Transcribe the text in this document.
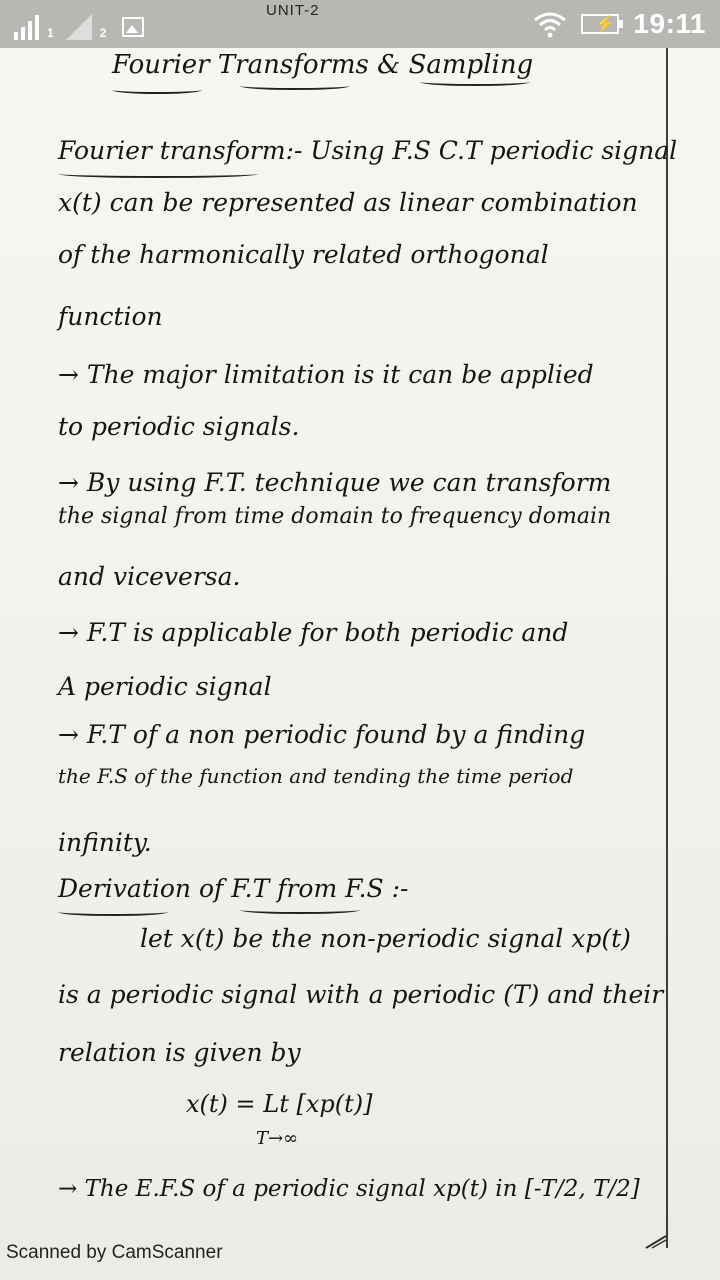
1	2	⚡ 19:11
UNIT-2
Fourier Transforms & Sampling
Fourier transform:- Using F.S C.T periodic signal
x(t) can be represented as linear combination
of the harmonically related orthogonal
function
→ The major limitation is it can be applied
to periodic signals.
→ By using F.T. technique we can transform
the signal from time domain to frequency domain
and viceversa.
→ F.T is applicable for both periodic and
A periodic signal
→ F.T of a non periodic found by a finding
the F.S of the function and tending the time period
infinity.
Derivation of F.T from F.S :-
let x(t) be the non-periodic signal xp(t)
is a periodic signal with a periodic (T) and their
relation is given by
x(t) = Lt [xp(t)]
T→∞
→ The E.F.S of a periodic signal xp(t) in [-T/2, T/2]
Scanned by CamScanner
